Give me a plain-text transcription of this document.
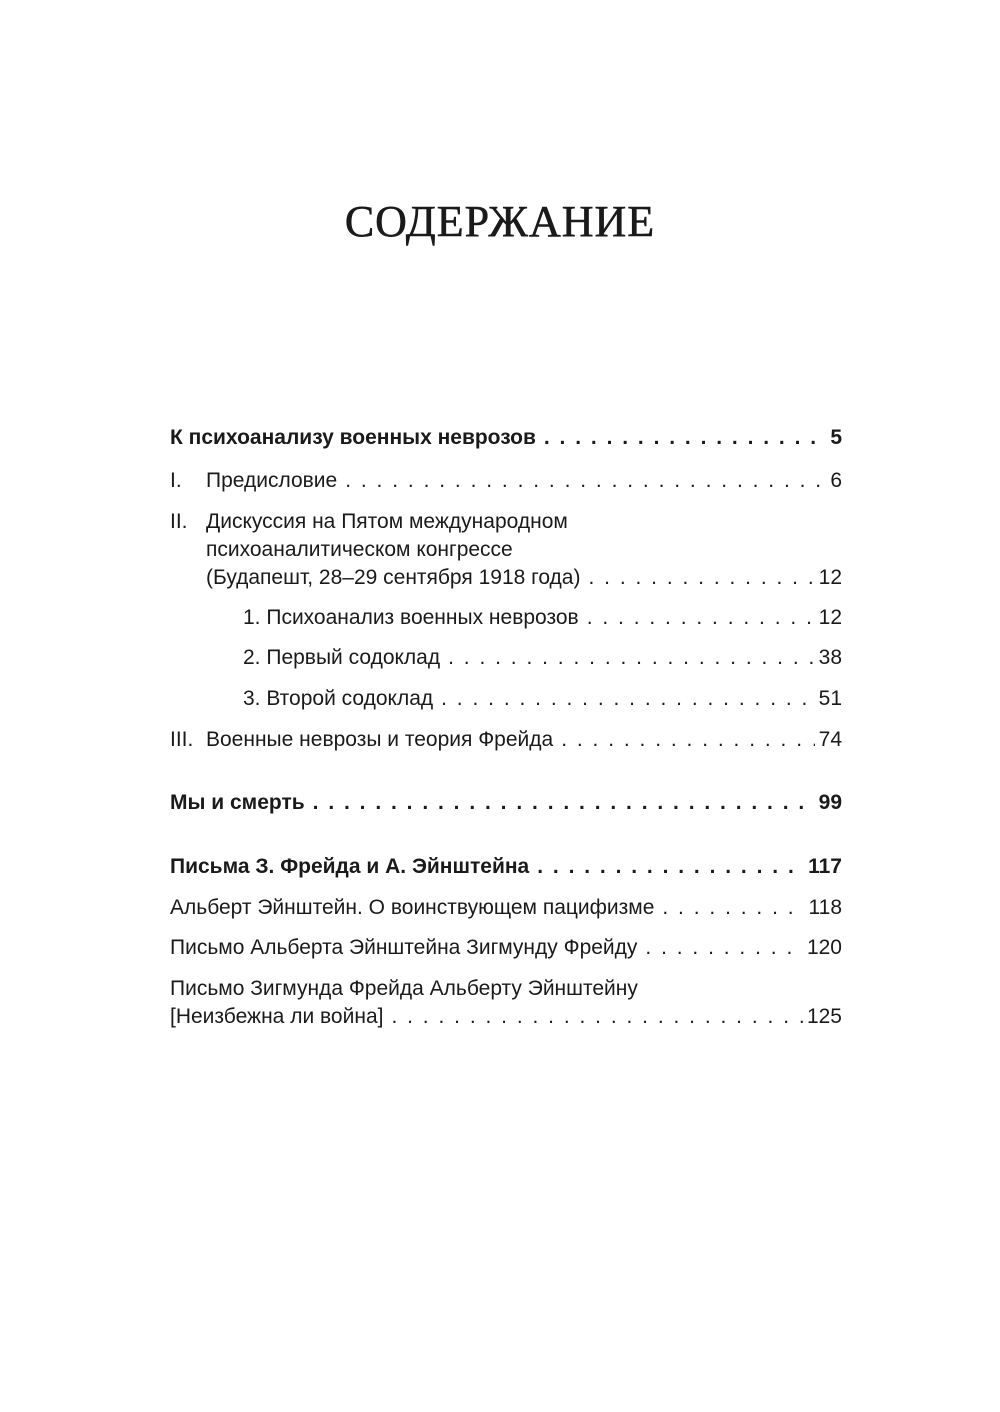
СОДЕРЖАНИЕ
К психоанализу военных неврозов . . .	5
I.	Предисловие . . .	6
II. Дискуссия на Пятом международном
психоаналитическом конгрессе
(Будапешт, 28–29 сентября 1918 года) . . .	12
1. Психоанализ военных неврозов . . .	12
2. Первый содоклад . . .	38
3. Второй содоклад . . .	51
III. Военные неврозы и теория Фрейда . . .	74
Мы и смерть . . .	99
Письма З. Фрейда и А. Эйнштейна . . .	117
Альберт Эйнштейн. О воинствующем пацифизме . . .	118
Письмо Альберта Эйнштейна Зигмунду Фрейду . . .	120
Письмо Зигмунда Фрейда Альберту Эйнштейну
[Неизбежна ли война] . . .	125
